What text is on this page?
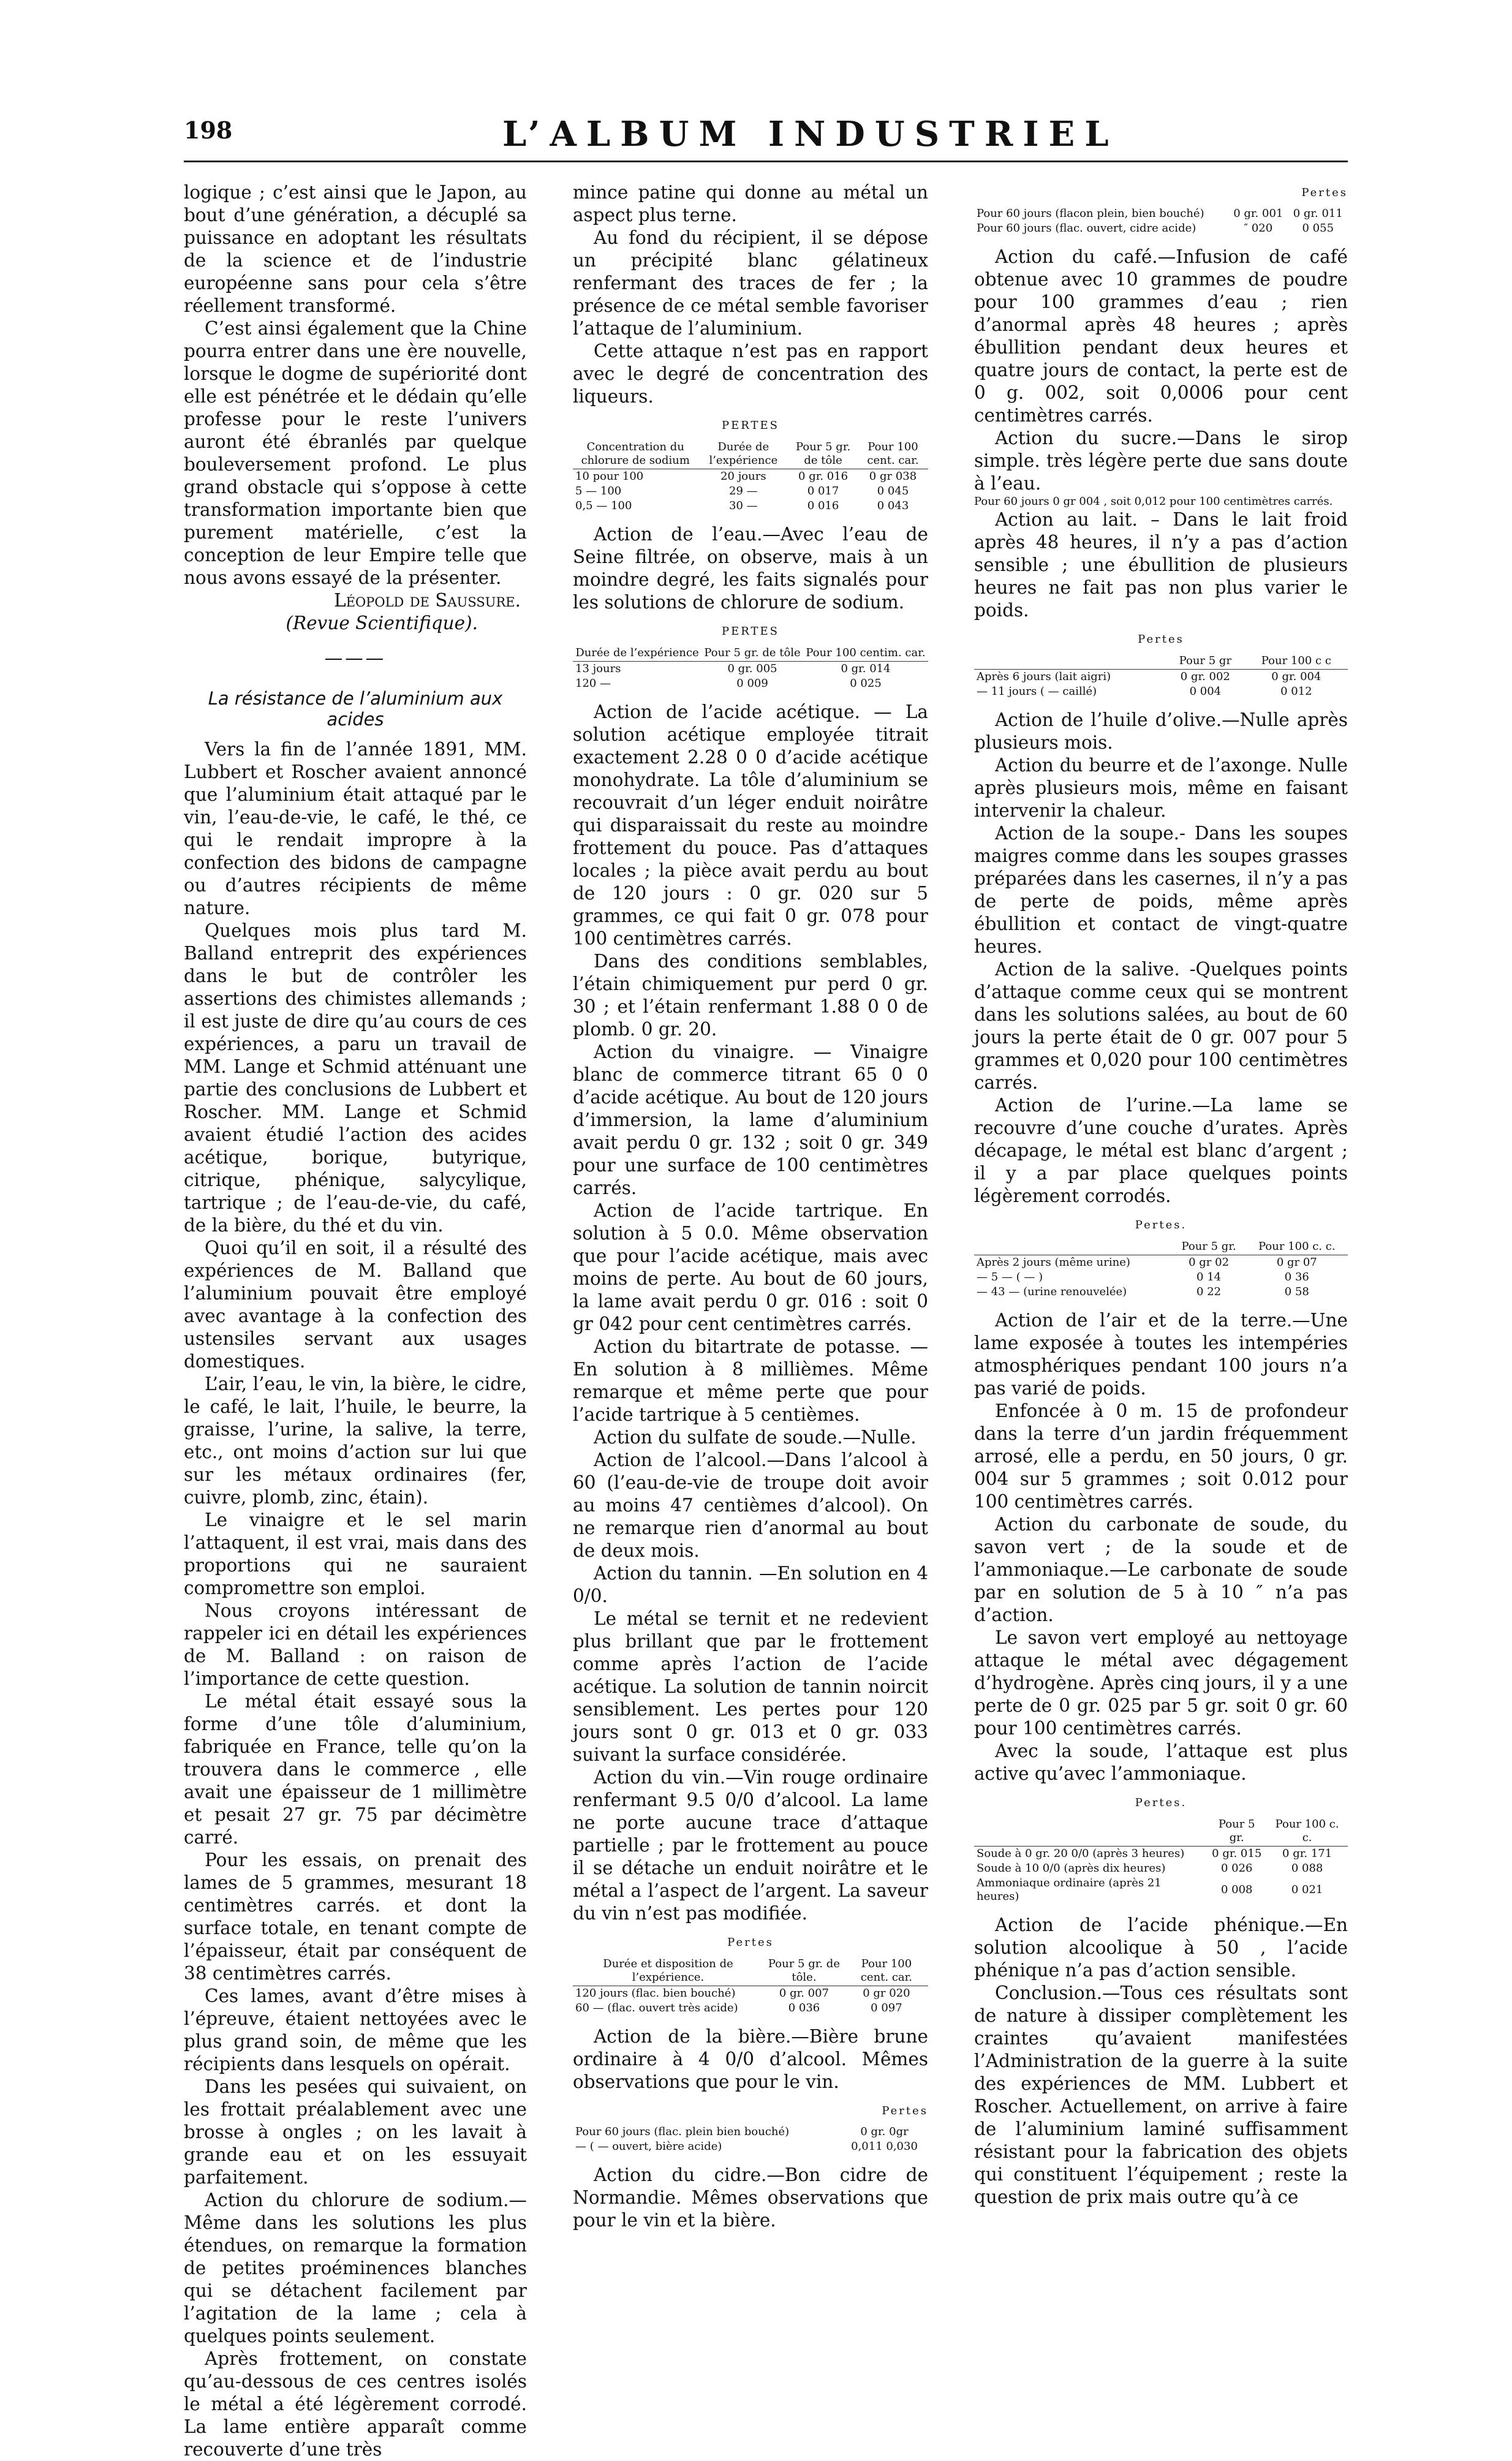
198	L’ALBUM INDUSTRIEL

logique ; c’est ainsi que le Japon, au bout d’une génération, a décuplé sa puissance en adoptant les résultats de la science et de l’industrie européenne sans pour cela s’être réellement transformé.

C’est ainsi également que la Chine pourra entrer dans une ère nouvelle, lorsque le dogme de supériorité dont elle est pénétrée et le dédain qu’elle professe pour le reste l’univers auront été ébranlés par quelque bouleversement profond. Le plus grand obstacle qui s’oppose à cette transformation importante bien que purement matérielle, c’est la conception de leur Empire telle que nous avons essayé de la présenter.

Léopold de Saussure.

(Revue Scientifique).

———
La résistance de l’aluminium aux acides

Vers la fin de l’année 1891, MM. Lubbert et Roscher avaient annoncé que l’aluminium était attaqué par le vin, l’eau-de-vie, le café, le thé, ce qui le rendait impropre à la confection des bidons de campagne ou d’autres récipients de même nature.

Quelques mois plus tard M. Balland entreprit des expériences dans le but de contrôler les assertions des chimistes allemands ; il est juste de dire qu’au cours de ces expériences, a paru un travail de MM. Lange et Schmid atténuant une partie des conclusions de Lubbert et Roscher. MM. Lange et Schmid avaient étudié l’action des acides acétique, borique, butyrique, citrique, phénique, salycylique, tartrique ; de l’eau-de-vie, du café, de la bière, du thé et du vin.

Quoi qu’il en soit, il a résulté des expériences de M. Balland que l’aluminium pouvait être employé avec avantage à la confection des ustensiles servant aux usages domestiques.

L’air, l’eau, le vin, la bière, le cidre, le café, le lait, l’huile, le beurre, la graisse, l’urine, la salive, la terre, etc., ont moins d’action sur lui que sur les métaux ordinaires (fer, cuivre, plomb, zinc, étain).

Le vinaigre et le sel marin l’attaquent, il est vrai, mais dans des proportions qui ne sauraient compromettre son emploi.

Nous croyons intéressant de rappeler ici en détail les expériences de M. Balland : on raison de l’importance de cette question.

Le métal était essayé sous la forme d’une tôle d’aluminium, fabriquée en France, telle qu’on la trouvera dans le commerce , elle avait une épaisseur de 1 millimètre et pesait 27 gr. 75 par décimètre carré.

Pour les essais, on prenait des lames de 5 grammes, mesurant 18 centimètres carrés. et dont la surface totale, en tenant compte de l’épaisseur, était par conséquent de 38 centimètres carrés.

Ces lames, avant d’être mises à l’épreuve, étaient nettoyées avec le plus grand soin, de même que les récipients dans lesquels on opérait.

Dans les pesées qui suivaient, on les frottait préalablement avec une brosse à ongles ; on les lavait à grande eau et on les essuyait parfaitement.

Action du chlorure de sodium.—Même dans les solutions les plus étendues, on remarque la formation de petites proéminences blanches qui se détachent facilement par l’agitation de la lame ; cela à quelques points seulement.

Après frottement, on constate qu’au-dessous de ces centres isolés le métal a été légèrement corrodé. La lame entière apparaît comme recouverte d’une très

mince patine qui donne au métal un aspect plus terne.

Au fond du récipient, il se dépose un précipité blanc gélatineux renfermant des traces de fer ; la présence de ce métal semble favoriser l’attaque de l’aluminium.

Cette attaque n’est pas en rapport avec le degré de concentration des liqueurs.

PERTES
Concentration du chlorure de sodium	Durée de l’expérience	Pour 5 gr. de tôle	Pour 100 cent. car.
10 pour 100	20 jours	0 gr. 016	0 gr 038
5 — 100	29 —	0 017	0 045
0,5 — 100	30 —	0 016	0 043

Action de l’eau.—Avec l’eau de Seine filtrée, on observe, mais à un moindre degré, les faits signalés pour les solutions de chlorure de sodium.

PERTES
Durée de l’expérience	Pour 5 gr. de tôle	Pour 100 centim. car.
13 jours	0 gr. 005	0 gr. 014
120 —	0 009	0 025

Action de l’acide acétique. — La solution acétique employée titrait exactement 2.28 0 0 d’acide acétique monohydrate. La tôle d’aluminium se recouvrait d’un léger enduit noirâtre qui disparaissait du reste au moindre frottement du pouce. Pas d’attaques locales ; la pièce avait perdu au bout de 120 jours : 0 gr. 020 sur 5 grammes, ce qui fait 0 gr. 078 pour 100 centimètres carrés.

Dans des conditions semblables, l’étain chimiquement pur perd 0 gr. 30 ; et l’étain renfermant 1.88 0 0 de plomb. 0 gr. 20.

Action du vinaigre. — Vinaigre blanc de commerce titrant 65 0 0 d’acide acétique. Au bout de 120 jours d’immersion, la lame d’aluminium avait perdu 0 gr. 132 ; soit 0 gr. 349 pour une surface de 100 centimètres carrés.

Action de l’acide tartrique. En solution à 5 0.0. Même observation que pour l’acide acétique, mais avec moins de perte. Au bout de 60 jours, la lame avait perdu 0 gr. 016 : soit 0 gr 042 pour cent centimètres carrés.

Action du bitartrate de potasse. — En solution à 8 millièmes. Même remarque et même perte que pour l’acide tartrique à 5 centièmes.

Action du sulfate de soude.—Nulle.

Action de l’alcool.—Dans l’alcool à 60 (l’eau-de-vie de troupe doit avoir au moins 47 centièmes d’alcool). On ne remarque rien d’anormal au bout de deux mois.

Action du tannin. —En solution en 4 0/0.

Le métal se ternit et ne redevient plus brillant que par le frottement comme après l’action de l’acide acétique. La solution de tannin noircit sensiblement. Les pertes pour 120 jours sont 0 gr. 013 et 0 gr. 033 suivant la surface considérée.

Action du vin.—Vin rouge ordinaire renfermant 9.5 0/0 d’alcool. La lame ne porte aucune trace d’attaque partielle ; par le frottement au pouce il se détache un enduit noirâtre et le métal a l’aspect de l’argent. La saveur du vin n’est pas modifiée.

Pertes
Durée et disposition de l’expérience.	Pour 5 gr. de tôle.	Pour 100 cent. car.
120 jours (flac. bien bouché)	0 gr. 007	0 gr 020
60 — (flac. ouvert très acide)	0 036	0 097

Action de la bière.—Bière brune ordinaire à 4 0/0 d’alcool. Mêmes observations que pour le vin.

Pertes
Pour 60 jours (flac. plein bien bouché)	0 gr. 0gr
— ( — ouvert, bière acide)	0,011 0,030

Action du cidre.—Bon cidre de Normandie. Mêmes observations que pour le vin et la bière.

Pertes
Pour 60 jours (flacon plein, bien bouché)	0 gr. 001	0 gr. 011
Pour 60 jours (flac. ouvert, cidre acide)	″ 020	0 055

Action du café.—Infusion de café obtenue avec 10 grammes de poudre pour 100 grammes d’eau ; rien d’anormal après 48 heures ; après ébullition pendant deux heures et quatre jours de contact, la perte est de 0 g. 002, soit 0,0006 pour cent centimètres carrés.

Action du sucre.—Dans le sirop simple. très légère perte due sans doute à l’eau.

Pour 60 jours 0 gr 004 , soit 0,012 pour 100 centimètres carrés.

Action au lait. – Dans le lait froid après 48 heures, il n’y a pas d’action sensible ; une ébullition de plusieurs heures ne fait pas non plus varier le poids.

Pertes
	Pour 5 gr	Pour 100 c c
Après 6 jours (lait aigri)	0 gr. 002	0 gr. 004
— 11 jours ( — caillé)	0 004	0 012

Action de l’huile d’olive.—Nulle après plusieurs mois.

Action du beurre et de l’axonge. Nulle après plusieurs mois, même en faisant intervenir la chaleur.

Action de la soupe.- Dans les soupes maigres comme dans les soupes grasses préparées dans les casernes, il n’y a pas de perte de poids, même après ébullition et contact de vingt-quatre heures.

Action de la salive. -Quelques points d’attaque comme ceux qui se montrent dans les solutions salées, au bout de 60 jours la perte était de 0 gr. 007 pour 5 grammes et 0,020 pour 100 centimètres carrés.

Action de l’urine.—La lame se recouvre d’une couche d’urates. Après décapage, le métal est blanc d’argent ; il y a par place quelques points légèrement corrodés.

Pertes.
	Pour 5 gr.	Pour 100 c. c.
Après 2 jours (même urine)	0 gr 02	0 gr 07
— 5 — ( — )	0 14	0 36
— 43 — (urine renouvelée)	0 22	0 58

Action de l’air et de la terre.—Une lame exposée à toutes les intempéries atmosphériques pendant 100 jours n’a pas varié de poids.

Enfoncée à 0 m. 15 de profondeur dans la terre d’un jardin fréquemment arrosé, elle a perdu, en 50 jours, 0 gr. 004 sur 5 grammes ; soit 0.012 pour 100 centimètres carrés.

Action du carbonate de soude, du savon vert ; de la soude et de l’ammoniaque.—Le carbonate de soude par en solution de 5 à 10 ″ n’a pas d’action.

Le savon vert employé au nettoyage attaque le métal avec dégagement d’hydrogène. Après cinq jours, il y a une perte de 0 gr. 025 par 5 gr. soit 0 gr. 60 pour 100 centimètres carrés.

Avec la soude, l’attaque est plus active qu’avec l’ammoniaque.

Pertes.
	Pour 5 gr.	Pour 100 c. c.
Soude à 0 gr. 20 0/0 (après 3 heures)	0 gr. 015	0 gr. 171
Soude à 10 0/0 (après dix heures)	0 026	0 088
Ammoniaque ordinaire (après 21 heures)	0 008	0 021

Action de l’acide phénique.—En solution alcoolique à 50 , l’acide phénique n’a pas d’action sensible.

Conclusion.—Tous ces résultats sont de nature à dissiper complètement les craintes qu’avaient manifestées l’Administration de la guerre à la suite des expériences de MM. Lubbert et Roscher. Actuellement, on arrive à faire de l’aluminium laminé suffisamment résistant pour la fabrication des objets qui constituent l’équipement ; reste la question de prix mais outre qu’à ce
